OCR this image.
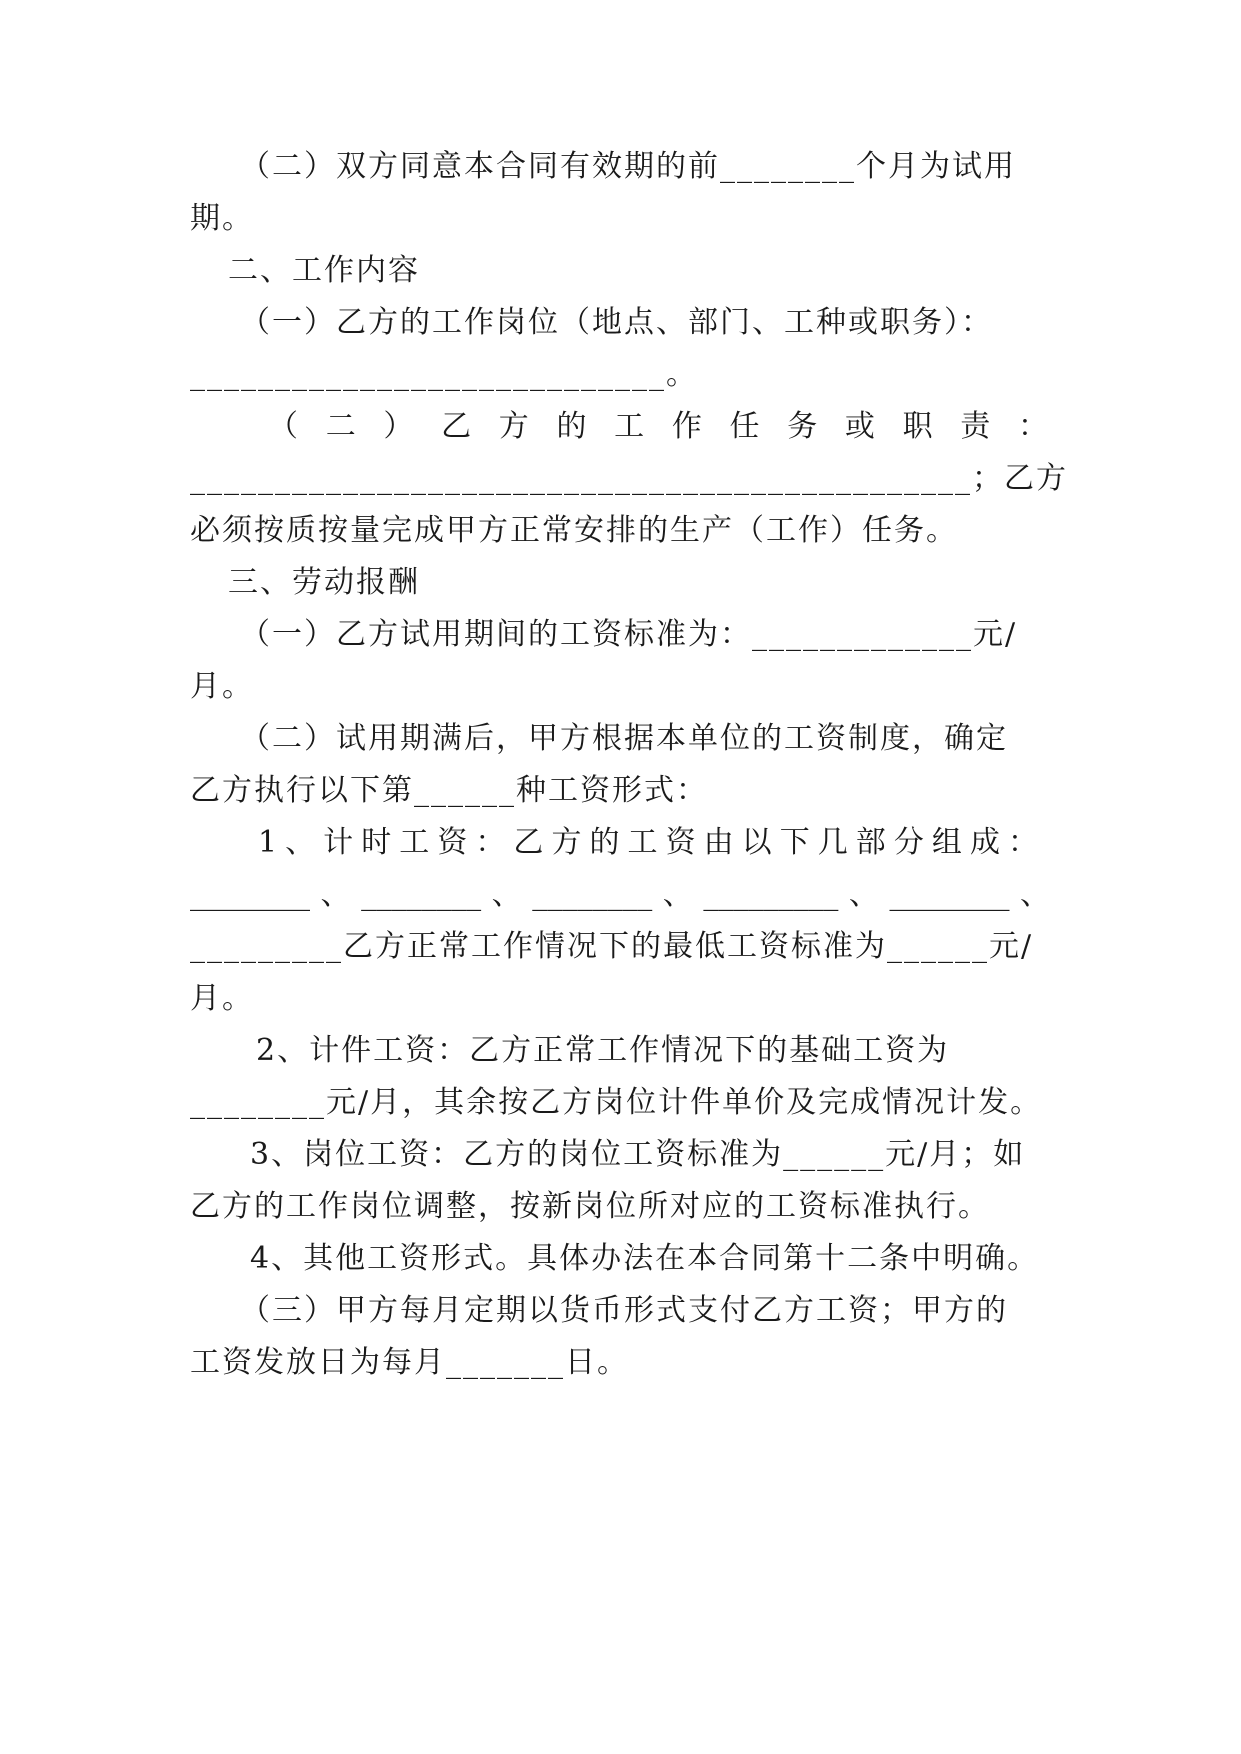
（二）双方同意本合同有效期的前________个月为试用
期。
二、工作内容
（一）乙方的工作岗位（地点、部门、工种或职务）：
____________________________。
（二）乙方的工作任务或职责：
______________________________________________；乙方
必须按质按量完成甲方正常安排的生产（工作）任务。
三、劳动报酬
（一）乙方试用期间的工资标准为：_____________元/
月。
（二）试用期满后，甲方根据本单位的工资制度，确定
乙方执行以下第______种工资形式：
1、计时工资：乙方的工资由以下几部分组成：
________、________、________、_________、________、
_________乙方正常工作情况下的最低工资标准为______元/
月。
2、计件工资：乙方正常工作情况下的基础工资为
________元/月，其余按乙方岗位计件单价及完成情况计发。
3、岗位工资：乙方的岗位工资标准为______元/月；如
乙方的工作岗位调整，按新岗位所对应的工资标准执行。
4、其他工资形式。具体办法在本合同第十二条中明确。
（三）甲方每月定期以货币形式支付乙方工资；甲方的
工资发放日为每月_______日。
